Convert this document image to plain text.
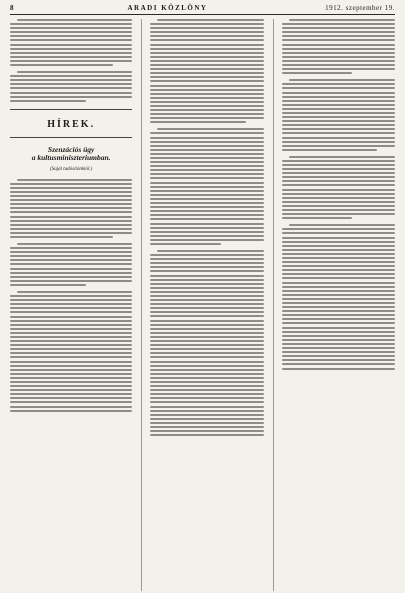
8	ARADI KÖZLÖNY	1912. szeptember 19.
HÍREK.
Szenzációs ügy
a kultusminiszteriumban.
(Saját tudósítónktól.)
